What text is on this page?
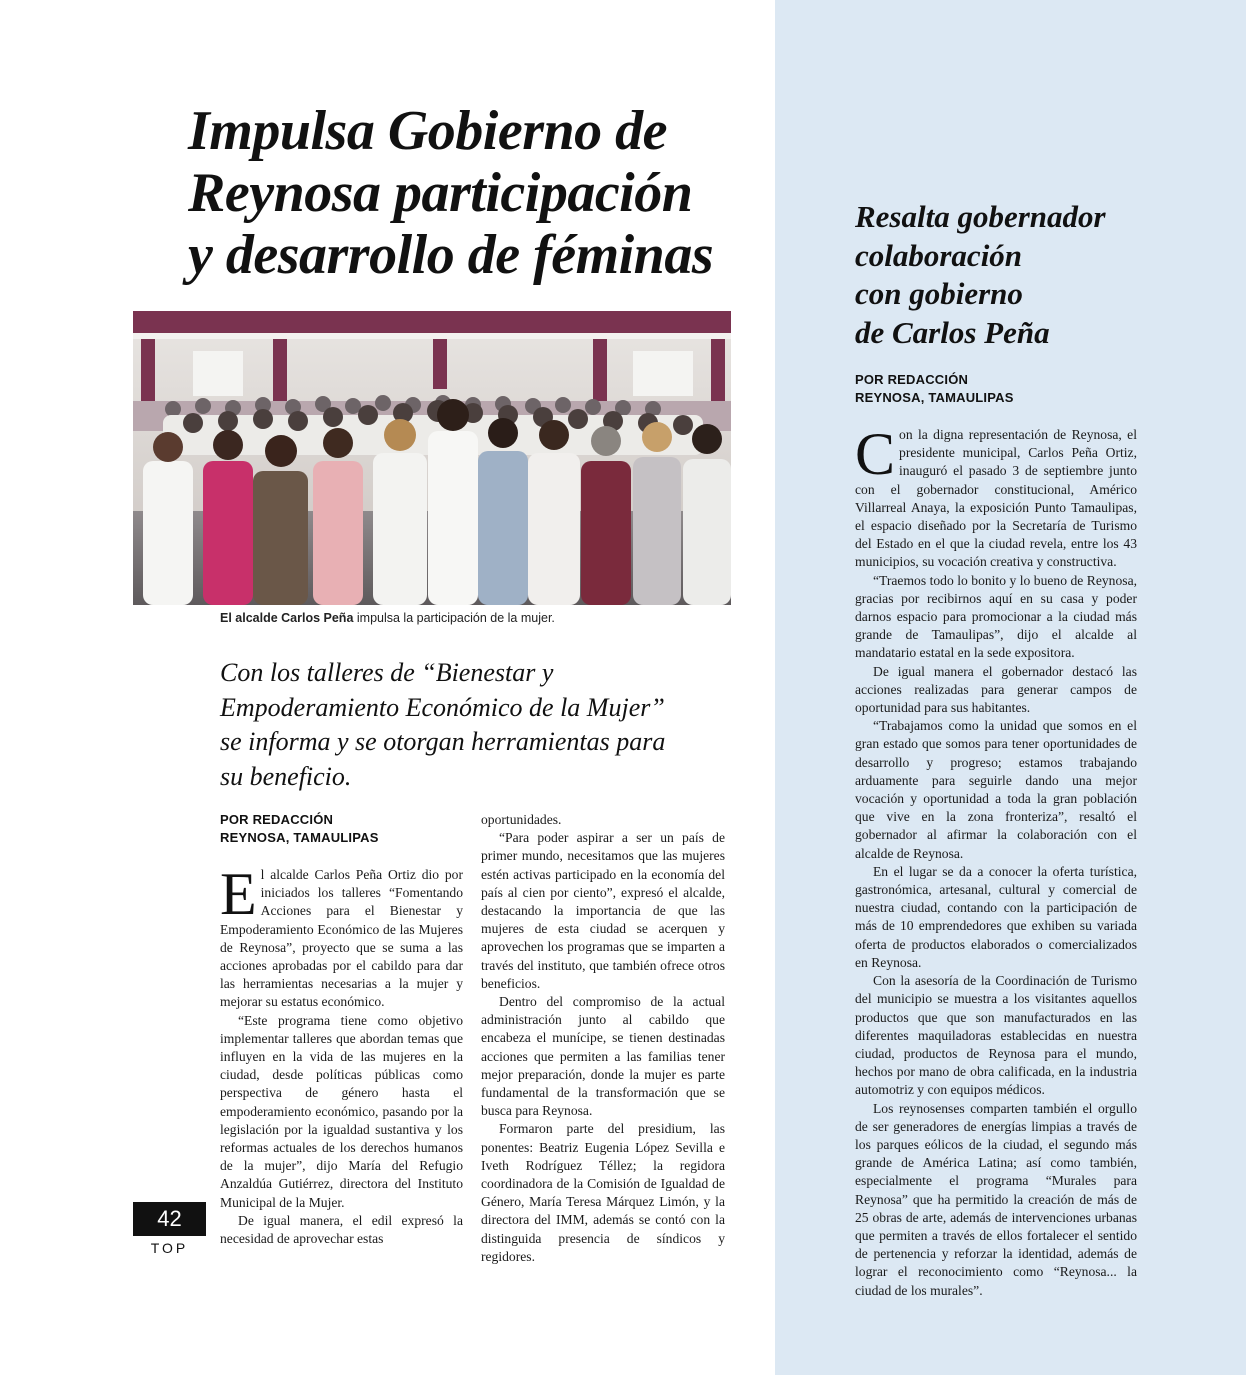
Impulsa Gobierno de
Reynosa participación
y desarrollo de féminas
El alcalde Carlos Peña impulsa la participación de la mujer.
Con los talleres de “Bienestar y
Empoderamiento Económico de la Mujer”
se informa y se otorgan herramientas para
su beneficio.
POR REDACCIÓN
REYNOSA, TAMAULIPAS

El alcalde Carlos Peña Ortiz dio por iniciados los talleres “Fomentando Acciones para el Bienestar y Empoderamiento Económico de las Mujeres de Reynosa”, proyecto que se suma a las acciones aprobadas por el cabildo para dar las herramientas necesarias a la mujer y mejorar su estatus económico.

“Este programa tiene como objetivo implementar talleres que abordan temas que influyen en la vida de las mujeres en la ciudad, desde políticas públicas como perspectiva de género hasta el empoderamiento económico, pasando por la legislación por la igualdad sustantiva y los reformas actuales de los derechos humanos de la mujer”, dijo María del Refugio Anzaldúa Gutiérrez, directora del Instituto Municipal de la Mujer.

De igual manera, el edil expresó la necesidad de aprovechar estas

oportunidades.

“Para poder aspirar a ser un país de primer mundo, necesitamos que las mujeres estén activas participado en la economía del país al cien por ciento”, expresó el alcalde, destacando la importancia de que las mujeres de esta ciudad se acerquen y aprovechen los programas que se imparten a través del instituto, que también ofrece otros beneficios.

Dentro del compromiso de la actual administración junto al cabildo que encabeza el munícipe, se tienen destinadas acciones que permiten a las familias tener mejor preparación, donde la mujer es parte fundamental de la transformación que se busca para Reynosa.

Formaron parte del presidium, las ponentes: Beatriz Eugenia López Sevilla e Iveth Rodríguez Téllez; la regidora coordinadora de la Comisión de Igualdad de Género, María Teresa Márquez Limón, y la directora del IMM, además se contó con la distinguida presencia de síndicos y regidores.

Resalta gobernador
colaboración
con gobierno
de Carlos Peña
POR REDACCIÓN
REYNOSA, TAMAULIPAS

Con la digna representación de Reynosa, el presidente municipal, Carlos Peña Ortiz, inauguró el pasado 3 de septiembre junto con el gobernador constitucional, Américo Villarreal Anaya, la exposición Punto Tamaulipas, el espacio diseñado por la Secretaría de Turismo del Estado en el que la ciudad revela, entre los 43 municipios, su vocación creativa y constructiva.

“Traemos todo lo bonito y lo bueno de Reynosa, gracias por recibirnos aquí en su casa y poder darnos espacio para promocionar a la ciudad más grande de Tamaulipas”, dijo el alcalde al mandatario estatal en la sede expositora.

De igual manera el gobernador destacó las acciones realizadas para generar campos de oportunidad para sus habitantes.

“Trabajamos como la unidad que somos en el gran estado que somos para tener oportunidades de desarrollo y progreso; estamos trabajando arduamente para seguirle dando una mejor vocación y oportunidad a toda la gran población que vive en la zona fronteriza”, resaltó el gobernador al afirmar la colaboración con el alcalde de Reynosa.

En el lugar se da a conocer la oferta turística, gastronómica, artesanal, cultural y comercial de nuestra ciudad, contando con la participación de más de 10 emprendedores que exhiben su variada oferta de productos elaborados o comercializados en Reynosa.

Con la asesoría de la Coordinación de Turismo del municipio se muestra a los visitantes aquellos productos que que son manufacturados en las diferentes maquiladoras establecidas en nuestra ciudad, productos de Reynosa para el mundo, hechos por mano de obra calificada, en la industria automotriz y con equipos médicos.

Los reynosenses comparten también el orgullo de ser generadores de energías limpias a través de los parques eólicos de la ciudad, el segundo más grande de América Latina; así como también, especialmente el programa “Murales para Reynosa” que ha permitido la creación de más de 25 obras de arte, además de intervenciones urbanas que permiten a través de ellos fortalecer el sentido de pertenencia y reforzar la identidad, además de lograr el reconocimiento como “Reynosa... la ciudad de los murales”.

42
TOP
